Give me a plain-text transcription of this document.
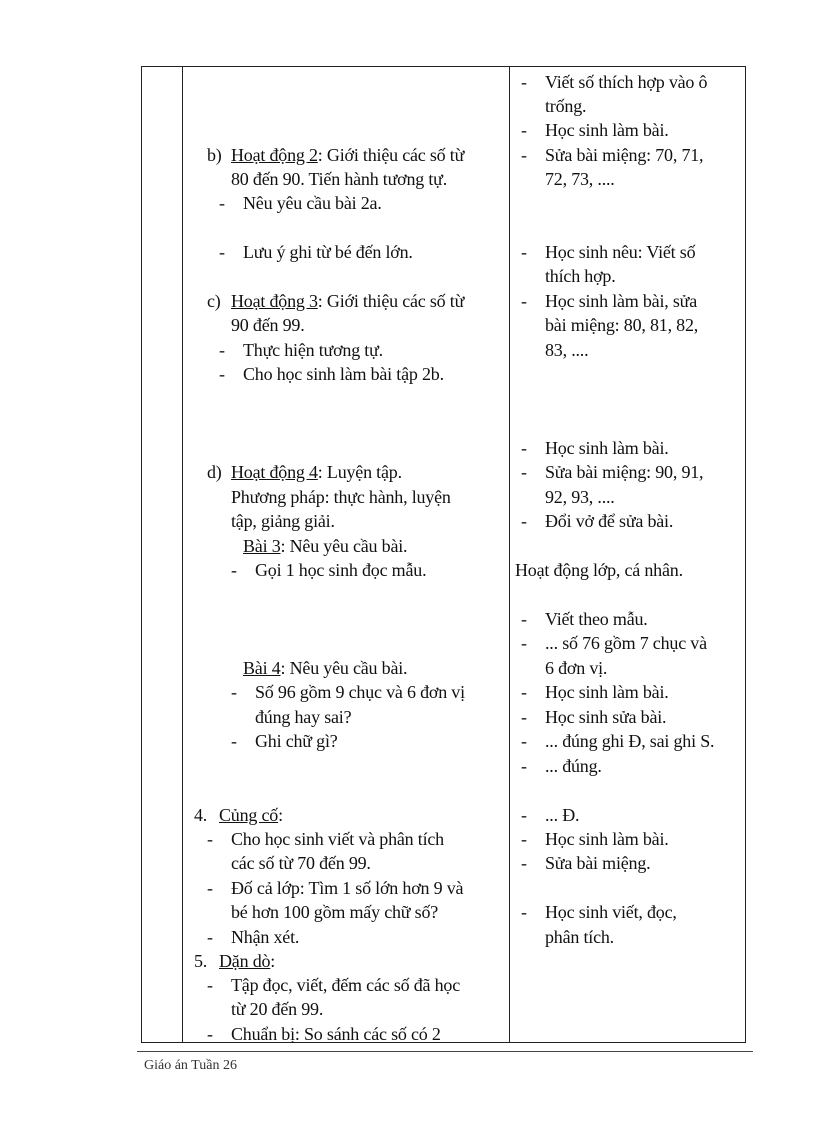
b) Hoạt động 2: Giới thiệu các số từ
80 đến 90. Tiến hành tương tự.
- Nêu yêu cầu bài 2a.
- Lưu ý ghi từ bé đến lớn.
c) Hoạt động 3: Giới thiệu các số từ
90 đến 99.
- Thực hiện tương tự.
- Cho học sinh làm bài tập 2b.
d) Hoạt động 4: Luyện tập.
Phương pháp: thực hành, luyện
tập, giảng giải.
Bài 3: Nêu yêu cầu bài.
- Gọi 1 học sinh đọc mẫu.
Bài 4: Nêu yêu cầu bài.
- Số 96 gồm 9 chục và 6 đơn vị
đúng hay sai?
- Ghi chữ gì?
4. Củng cố:
- Cho học sinh viết và phân tích
các số từ 70 đến 99.
- Đố cả lớp: Tìm 1 số lớn hơn 9 và
bé hơn 100 gồm mấy chữ số?
- Nhận xét.
5. Dặn dò:
- Tập đọc, viết, đếm các số đã học
từ 20 đến 99.
- Chuẩn bị: So sánh các số có 2
- Viết số thích hợp vào ô
trống.
- Học sinh làm bài.
- Sửa bài miệng: 70, 71,
72, 73, ....
- Học sinh nêu: Viết số
thích hợp.
- Học sinh làm bài, sửa
bài miệng: 80, 81, 82,
83, ....
- Học sinh làm bài.
- Sửa bài miệng: 90, 91,
92, 93, ....
- Đổi vở để sửa bài.
Hoạt động lớp, cá nhân.
- Viết theo mẫu.
- ... số 76 gồm 7 chục và
6 đơn vị.
- Học sinh làm bài.
- Học sinh sửa bài.
- ... đúng ghi Đ, sai ghi S.
- ... đúng.
- ... Đ.
- Học sinh làm bài.
- Sửa bài miệng.
- Học sinh viết, đọc,
phân tích.
Giáo án Tuần 26
